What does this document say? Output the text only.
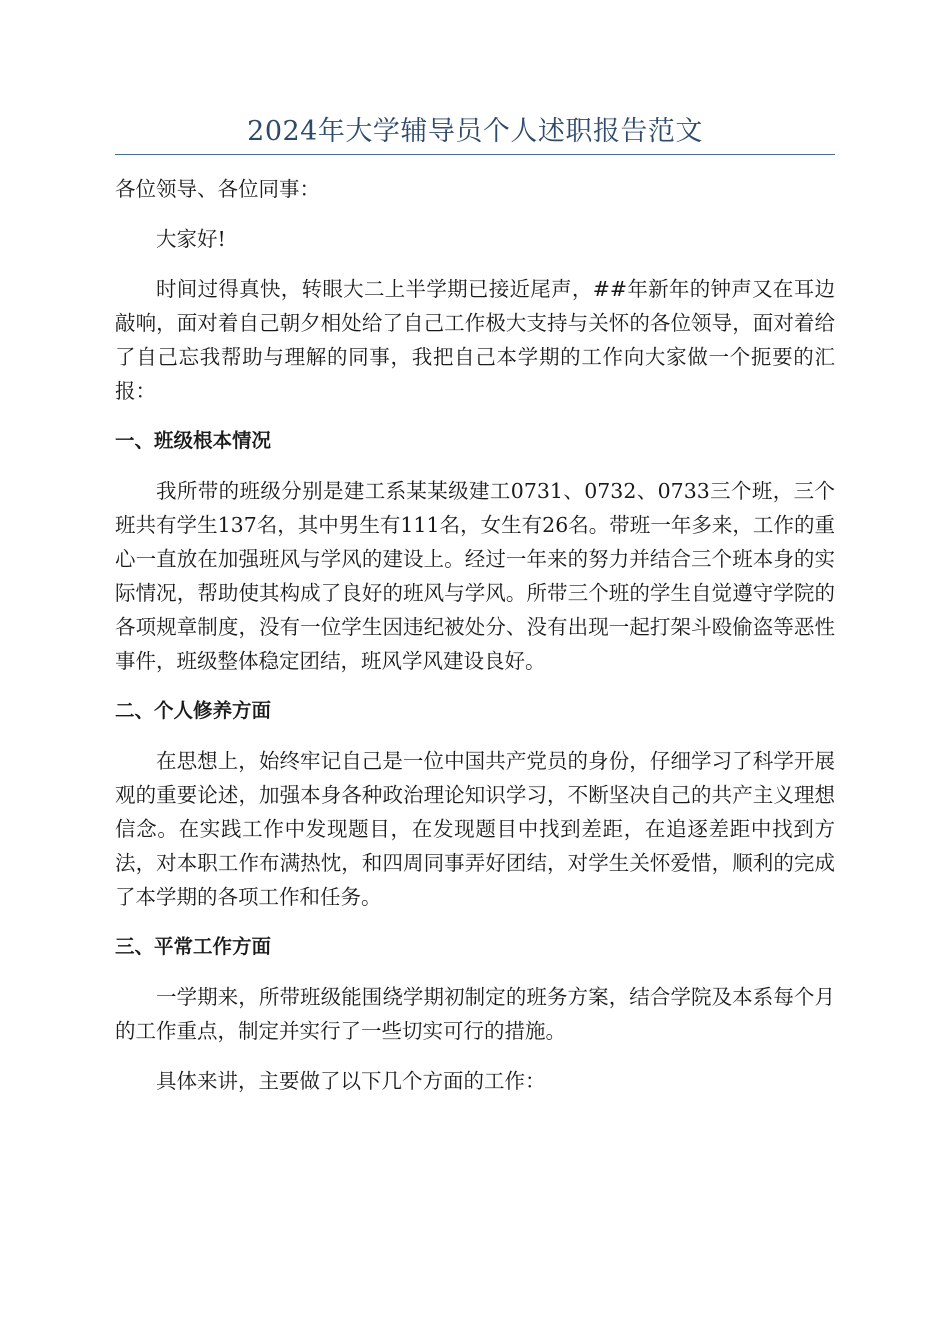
2024年大学辅导员个人述职报告范文

各位领导、各位同事：

大家好!

时间过得真快，转眼大二上半学期已接近尾声，##年新年的钟声又在耳边敲响，面对着自己朝夕相处给了自己工作极大支持与关怀的各位领导，面对着给了自己忘我帮助与理解的同事，我把自己本学期的工作向大家做一个扼要的汇报：

一、班级根本情况

我所带的班级分别是建工系某某级建工0731、0732、0733三个班，三个班共有学生137名，其中男生有111名，女生有26名。带班一年多来，工作的重心一直放在加强班风与学风的建设上。经过一年来的努力并结合三个班本身的实际情况，帮助使其构成了良好的班风与学风。所带三个班的学生自觉遵守学院的各项规章制度，没有一位学生因违纪被处分、没有出现一起打架斗殴偷盗等恶性事件，班级整体稳定团结，班风学风建设良好。

二、个人修养方面

在思想上，始终牢记自己是一位中国共产党员的身份，仔细学习了科学开展观的重要论述，加强本身各种政治理论知识学习，不断坚决自己的共产主义理想信念。在实践工作中发现题目，在发现题目中找到差距，在追逐差距中找到方法，对本职工作布满热忱，和四周同事弄好团结，对学生关怀爱惜，顺利的完成了本学期的各项工作和任务。

三、平常工作方面

一学期来，所带班级能围绕学期初制定的班务方案，结合学院及本系每个月的工作重点，制定并实行了一些切实可行的措施。

具体来讲，主要做了以下几个方面的工作：
